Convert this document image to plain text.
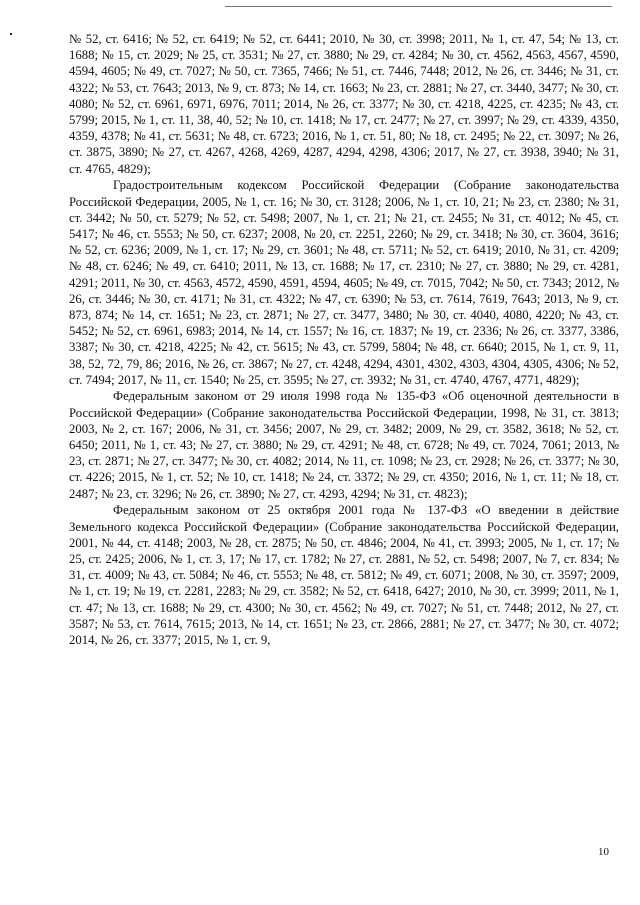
№ 52, ст. 6416; № 52, ст. 6419; № 52, ст. 6441; 2010, № 30, ст. 3998; 2011, № 1, ст. 47, 54; № 13, ст. 1688; № 15, ст. 2029; № 25, ст. 3531; № 27, ст. 3880; № 29, ст. 4284; № 30, ст. 4562, 4563, 4567, 4590, 4594, 4605; № 49, ст. 7027; № 50, ст. 7365, 7466; № 51, ст. 7446, 7448; 2012, № 26, ст. 3446; № 31, ст. 4322; № 53, ст. 7643; 2013, № 9, ст. 873; № 14, ст. 1663; № 23, ст. 2881; № 27, ст. 3440, 3477; № 30, ст. 4080; № 52, ст. 6961, 6971, 6976, 7011; 2014, № 26, ст. 3377; № 30, ст. 4218, 4225, ст. 4235; № 43, ст. 5799; 2015, № 1, ст. 11, 38, 40, 52; № 10, ст. 1418; № 17, ст. 2477; № 27, ст. 3997; № 29, ст. 4339, 4350, 4359, 4378; № 41, ст. 5631; № 48, ст. 6723; 2016, № 1, ст. 51, 80; № 18, ст. 2495; № 22, ст. 3097; № 26, ст. 3875, 3890; № 27, ст. 4267, 4268, 4269, 4287, 4294, 4298, 4306; 2017, № 27, ст. 3938, 3940; № 31, ст. 4765, 4829);

Градостроительным кодексом Российской Федерации (Собрание законодательства Российской Федерации, 2005, № 1, ст. 16; № 30, ст. 3128; 2006, № 1, ст. 10, 21; № 23, ст. 2380; № 31, ст. 3442; № 50, ст. 5279; № 52, ст. 5498; 2007, № 1, ст. 21; № 21, ст. 2455; № 31, ст. 4012; № 45, ст. 5417; № 46, ст. 5553; № 50, ст. 6237; 2008, № 20, ст. 2251, 2260; № 29, ст. 3418; № 30, ст. 3604, 3616; № 52, ст. 6236; 2009, № 1, ст. 17; № 29, ст. 3601; № 48, ст. 5711; № 52, ст. 6419; 2010, № 31, ст. 4209; № 48, ст. 6246; № 49, ст. 6410; 2011, № 13, ст. 1688; № 17, ст. 2310; № 27, ст. 3880; № 29, ст. 4281, 4291; 2011, № 30, ст. 4563, 4572, 4590, 4591, 4594, 4605; № 49, ст. 7015, 7042; № 50, ст. 7343; 2012, № 26, ст. 3446; № 30, ст. 4171; № 31, ст. 4322; № 47, ст. 6390; № 53, ст. 7614, 7619, 7643; 2013, № 9, ст. 873, 874; № 14, ст. 1651; № 23, ст. 2871; № 27, ст. 3477, 3480; № 30, ст. 4040, 4080, 4220; № 43, ст. 5452; № 52, ст. 6961, 6983; 2014, № 14, ст. 1557; № 16, ст. 1837; № 19, ст. 2336; № 26, ст. 3377, 3386, 3387; № 30, ст. 4218, 4225; № 42, ст. 5615; № 43, ст. 5799, 5804; № 48, ст. 6640; 2015, № 1, ст. 9, 11, 38, 52, 72, 79, 86; 2016, № 26, ст. 3867; № 27, ст. 4248, 4294, 4301, 4302, 4303, 4304, 4305, 4306; № 52, ст. 7494; 2017, № 11, ст. 1540; № 25, ст. 3595; № 27, ст. 3932; № 31, ст. 4740, 4767, 4771, 4829);

Федеральным законом от 29 июля 1998 года № 135-ФЗ «Об оценочной деятельности в Российской Федерации» (Собрание законодательства Российской Федерации, 1998, № 31, ст. 3813; 2003, № 2, ст. 167; 2006, № 31, ст. 3456; 2007, № 29, ст. 3482; 2009, № 29, ст. 3582, 3618; № 52, ст. 6450; 2011, № 1, ст. 43; № 27, ст. 3880; № 29, ст. 4291; № 48, ст. 6728; № 49, ст. 7024, 7061; 2013, № 23, ст. 2871; № 27, ст. 3477; № 30, ст. 4082; 2014, № 11, ст. 1098; № 23, ст. 2928; № 26, ст. 3377; № 30, ст. 4226; 2015, № 1, ст. 52; № 10, ст. 1418; № 24, ст. 3372; № 29, ст. 4350; 2016, № 1, ст. 11; № 18, ст. 2487; № 23, ст. 3296; № 26, ст. 3890; № 27, ст. 4293, 4294; № 31, ст. 4823);

Федеральным законом от 25 октября 2001 года № 137-ФЗ «О введении в действие Земельного кодекса Российской Федерации» (Собрание законодательства Российской Федерации, 2001, № 44, ст. 4148; 2003, № 28, ст. 2875; № 50, ст. 4846; 2004, № 41, ст. 3993; 2005, № 1, ст. 17; № 25, ст. 2425; 2006, № 1, ст. 3, 17; № 17, ст. 1782; № 27, ст. 2881, № 52, ст. 5498; 2007, № 7, ст. 834; № 31, ст. 4009; № 43, ст. 5084; № 46, ст. 5553; № 48, ст. 5812; № 49, ст. 6071; 2008, № 30, ст. 3597; 2009, № 1, ст. 19; № 19, ст. 2281, 2283; № 29, ст. 3582; № 52, ст. 6418, 6427; 2010, № 30, ст. 3999; 2011, № 1, ст. 47; № 13, ст. 1688; № 29, ст. 4300; № 30, ст. 4562; № 49, ст. 7027; № 51, ст. 7448; 2012, № 27, ст. 3587; № 53, ст. 7614, 7615; 2013, № 14, ст. 1651; № 23, ст. 2866, 2881; № 27, ст. 3477; № 30, ст. 4072; 2014, № 26, ст. 3377; 2015, № 1, ст. 9,

10
